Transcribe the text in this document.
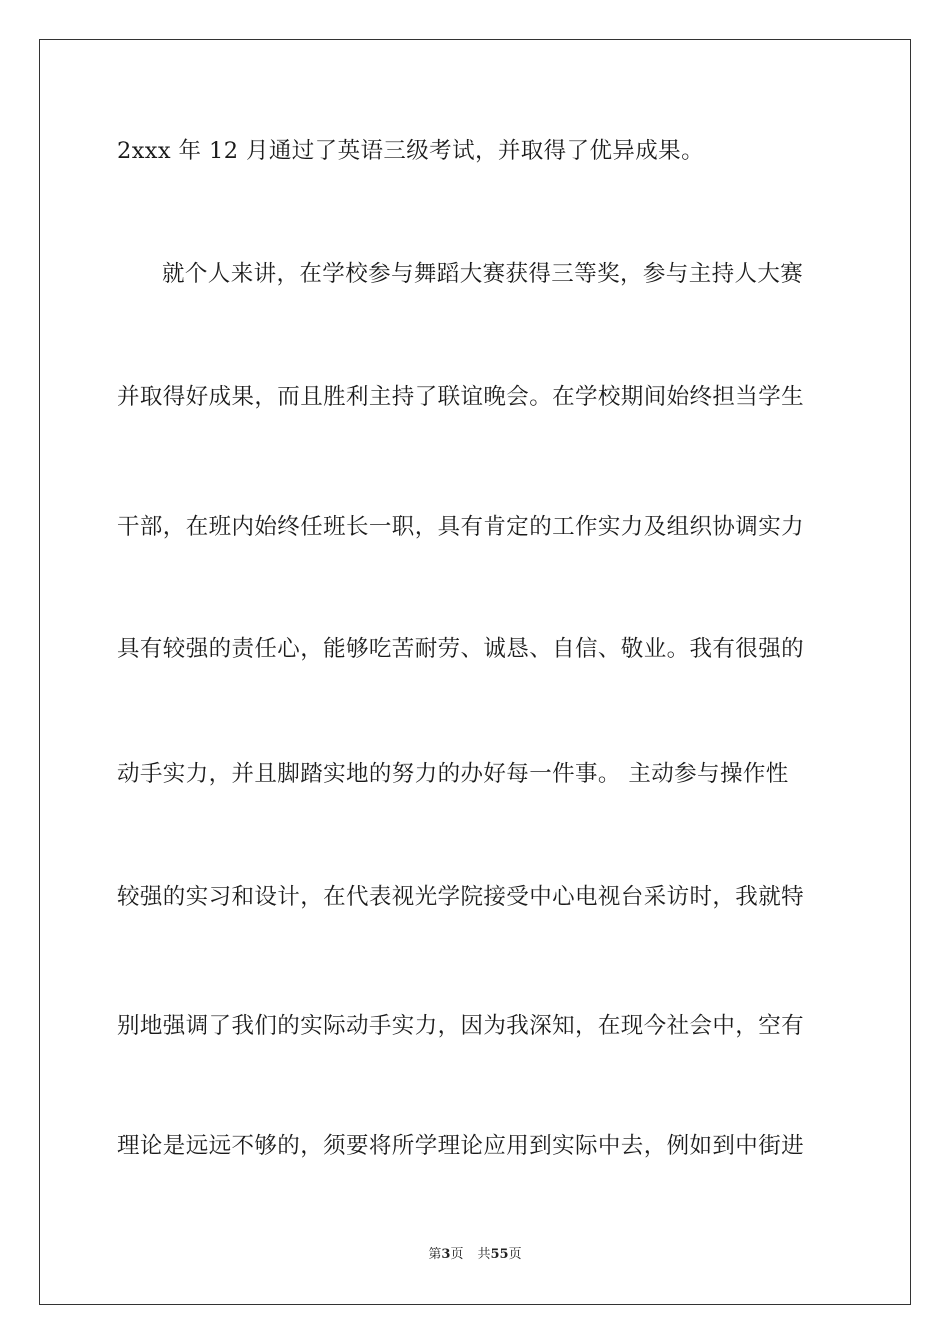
2xxx 年 12 月通过了英语三级考试，并取得了优异成果。
就个人来讲，在学校参与舞蹈大赛获得三等奖，参与主持人大赛
并取得好成果，而且胜利主持了联谊晚会。在学校期间始终担当学生
干部，在班内始终任班长一职，具有肯定的工作实力及组织协调实力
具有较强的责任心，能够吃苦耐劳、诚恳、自信、敬业。我有很强的
动手实力，并且脚踏实地的努力的办好每一件事。 主动参与操作性
较强的实习和设计，在代表视光学院接受中心电视台采访时，我就特
别地强调了我们的实际动手实力，因为我深知，在现今社会中，空有
理论是远远不够的，须要将所学理论应用到实际中去，例如到中街进
第3页 共55页
